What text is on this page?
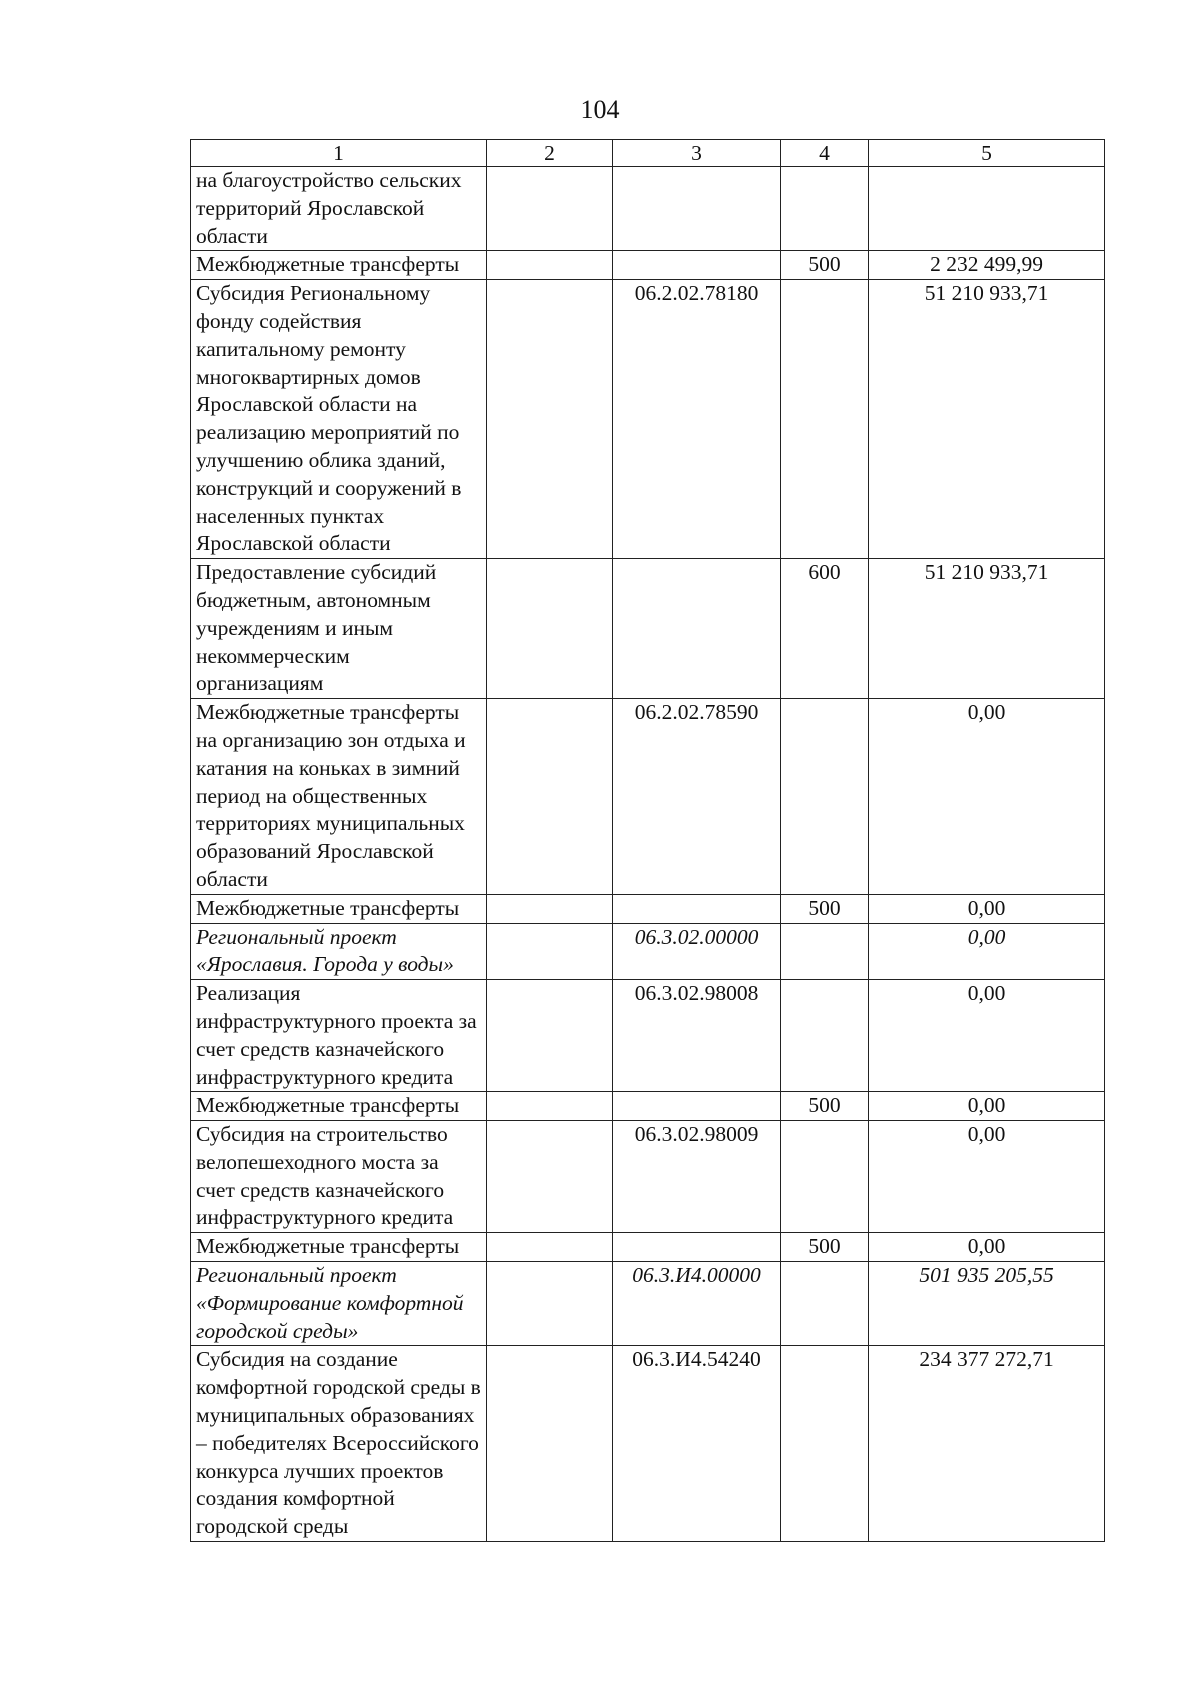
104
1	2	3	4	5
на благоустройство сельских территорий Ярославской области				
Межбюджетные трансферты			500	2 232 499,99
Субсидия Региональному фонду содействия капитальному ремонту многоквартирных домов Ярославской области на реализацию мероприятий по улучшению облика зданий, конструкций и сооружений в населенных пунктах Ярославской области		06.2.02.78180		51 210 933,71
Предоставление субсидий бюджетным, автономным учреждениям и иным некоммерческим организациям			600	51 210 933,71
Межбюджетные трансферты на организацию зон отдыха и катания на коньках в зимний период на общественных территориях муниципальных образований Ярославской области		06.2.02.78590		0,00
Межбюджетные трансферты			500	0,00
Региональный проект «Ярославия. Города у воды»		06.3.02.00000		0,00
Реализация инфраструктурного проекта за счет средств казначейского инфраструктурного кредита		06.3.02.98008		0,00
Межбюджетные трансферты			500	0,00
Субсидия на строительство велопешеходного моста за счет средств казначейского инфраструктурного кредита		06.3.02.98009		0,00
Межбюджетные трансферты			500	0,00
Региональный проект «Формирование комфортной городской среды»		06.3.И4.00000		501 935 205,55
Субсидия на создание комфортной городской среды в муниципальных образованиях – победителях Всероссийского конкурса лучших проектов создания комфортной городской среды		06.3.И4.54240		234 377 272,71
